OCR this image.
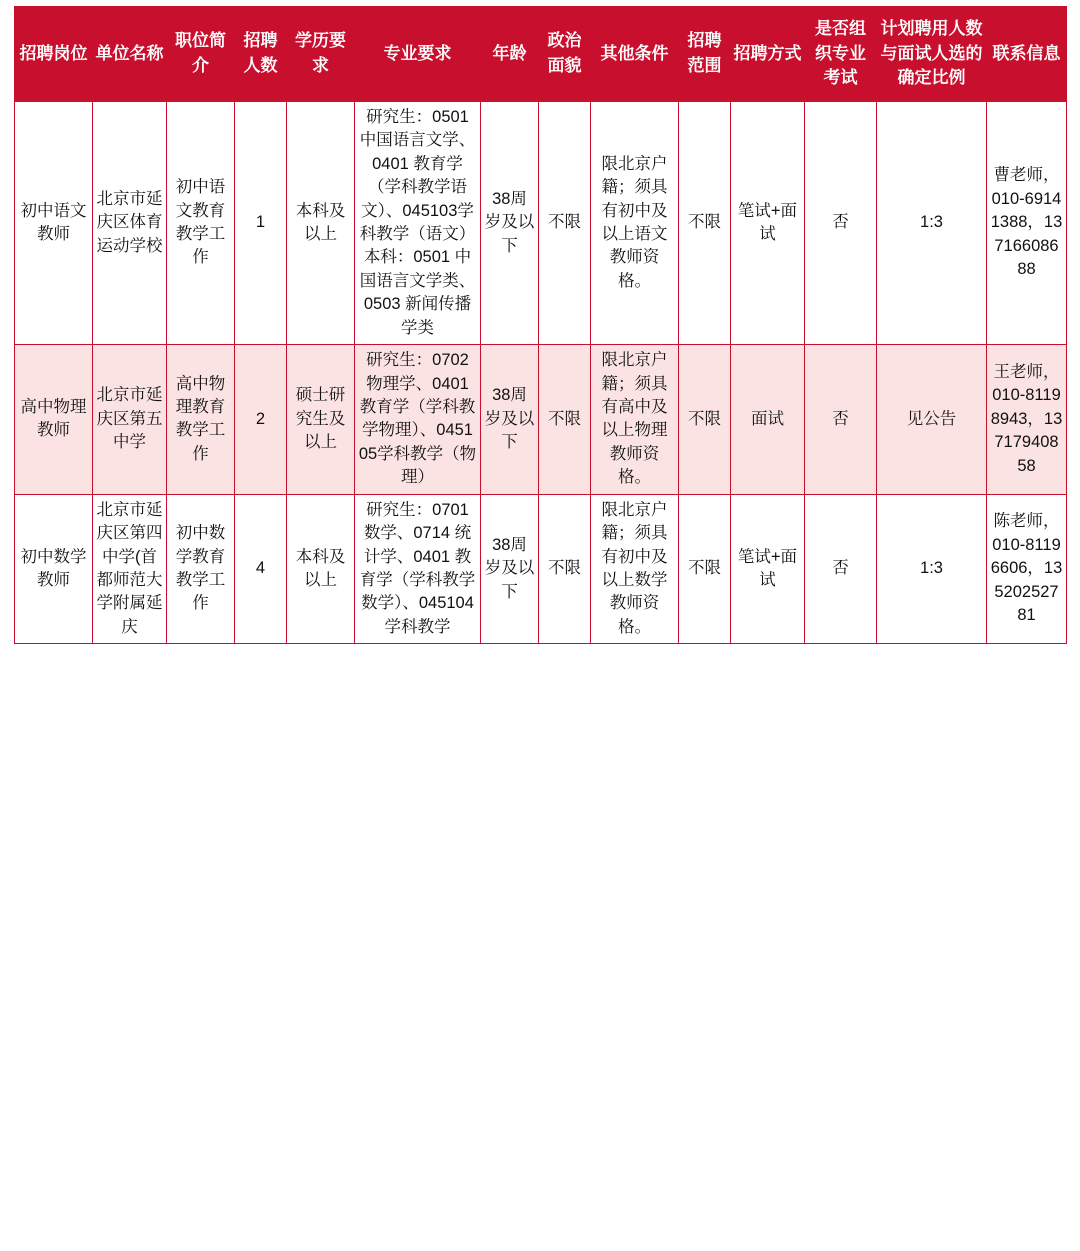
招聘岗位	单位名称	职位简介	招聘人数	学历要求	专业要求	年龄	政治面貌	其他条件	招聘范围	招聘方式	是否组织专业考试	计划聘用人数与面试人选的确定比例	联系信息
初中语文教师	北京市延庆区体育运动学校	初中语文教育教学工作	1	本科及以上	研究生：0501 中国语言文学、0401 教育学（学科教学语文）、045103学科教学（语文）本科：0501 中国语言文学类、0503 新闻传播学类	38周岁及以下	不限	限北京户籍；须具有初中及以上语文教师资格。	不限	笔试+面试	否	1:3	曹老师，010-69141388，13716608688
高中物理教师	北京市延庆区第五中学	高中物理教育教学工作	2	硕士研究生及以上	研究生：0702 物理学、0401 教育学（学科教学物理）、045105学科教学（物理）	38周岁及以下	不限	限北京户籍；须具有高中及以上物理教师资格。	不限	面试	否	见公告	王老师，010-81198943，13717940858
初中数学教师	北京市延庆区第四中学(首都师范大学附属延庆	初中数学教育教学工作	4	本科及以上	研究生：0701 数学、0714 统计学、0401 教育学（学科教学数学）、045104学科教学	38周岁及以下	不限	限北京户籍；须具有初中及以上数学教师资格。	不限	笔试+面试	否	1:3	陈老师，010-81196606，13520252781
